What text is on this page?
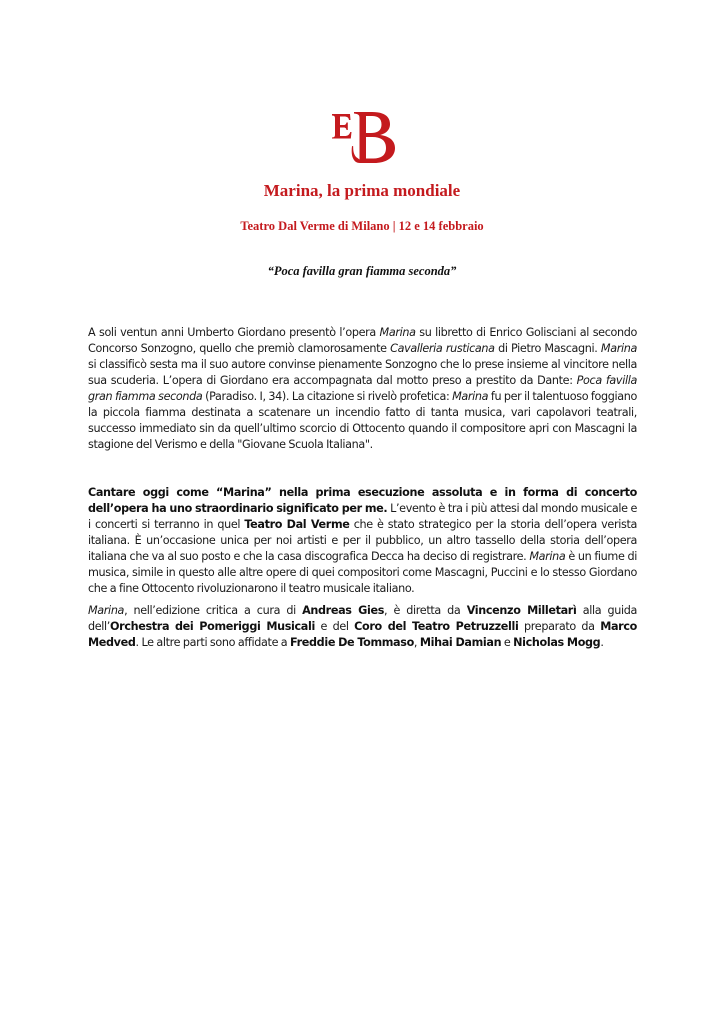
Marina, la prima mondiale
Teatro Dal Verme di Milano | 12 e 14 febbraio

“Poca favilla gran fiamma seconda”

A soli ventun anni Umberto Giordano presentò l’opera Marina su libretto di Enrico Golisciani al secondo Concorso Sonzogno, quello che premiò clamorosamente Cavalleria rusticana di Pietro Mascagni. Marina si classificò sesta ma il suo autore convinse pienamente Sonzogno che lo prese insieme al vincitore nella sua scuderia. L’opera di Giordano era accompagnata dal motto preso a prestito da Dante: Poca favilla gran fiamma seconda (Paradiso. I, 34). La citazione si rivelò profetica: Marina fu per il talentuoso foggiano la piccola fiamma destinata a scatenare un incendio fatto di tanta musica, vari capolavori teatrali, successo immediato sin da quell’ultimo scorcio di Ottocento quando il compositore apri con Mascagni la stagione del Verismo e della "Giovane Scuola Italiana".

Cantare oggi come “Marina” nella prima esecuzione assoluta e in forma di concerto dell’opera ha uno straordinario significato per me. L’evento è tra i più attesi dal mondo musicale e i concerti si terranno in quel Teatro Dal Verme che è stato strategico per la storia dell’opera verista italiana. È un’occasione unica per noi artisti e per il pubblico, un altro tassello della storia dell’opera italiana che va al suo posto e che la casa discografica Decca ha deciso di registrare. Marina è un fiume di musica, simile in questo alle altre opere di quei compositori come Mascagni, Puccini e lo stesso Giordano che a fine Ottocento rivoluzionarono il teatro musicale italiano.

Marina, nell’edizione critica a cura di Andreas Gies, è diretta da Vincenzo Milletarì alla guida dell’Orchestra dei Pomeriggi Musicali e del Coro del Teatro Petruzzelli preparato da Marco Medved. Le altre parti sono affidate a Freddie De Tommaso, Mihai Damian e Nicholas Mogg.
